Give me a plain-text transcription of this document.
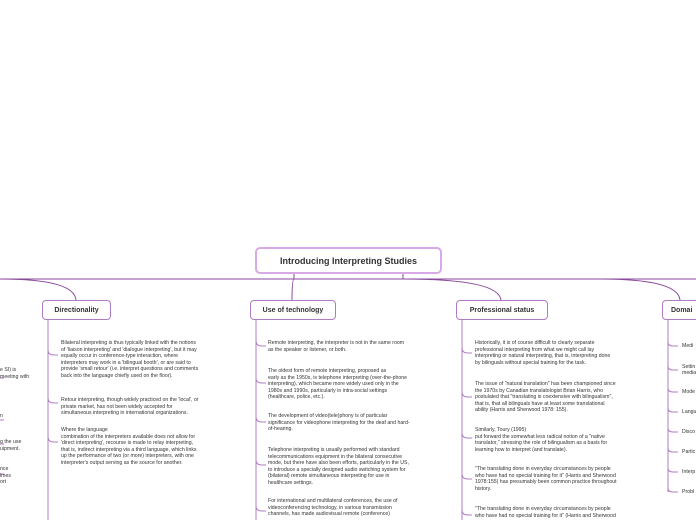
Introducing Interpreting Studies
Directionality	Use of technology	Professional status	Domai
Bilateral interpreting is thus typically linked with the notions
of 'liaison interpreting' and 'dialogue interpreting', but it may
equally occur in conference-type interaction, where
interpreters may work in a 'bilingual booth', or are said to
provide 'small retour' (i.e. interpret questions and comments
back into the language chiefly used on the floor).
Retour interpreting, though widely practiced on the 'local', or
private market, has not been widely accepted for
simultaneous interpreting in international organizations.
Where the language
combination of the interpreters available does not allow for
'direct interpreting', recourse is made to relay interpreting,
that is, indirect interpreting via a third language, which links
up the performance of two (or more) interpreters, with one
interpreter's output serving as the source for another.
Remote interpreting, the interpreter is not in the same room
as the speaker or listener, or both.
The oldest form of remote interpreting, proposed as
early as the 1950s, is telephone interpreting (over-the-phone
interpreting), which became more widely used only in the
1980s and 1990s, particularly in intra-social settings
(healthcare, police, etc.).
The development of video(tele)phony is of particular
significance for videophone interpreting for the deaf and hard-
of-hearing.
Telephone interpreting is usually performed with standard
telecommunications equipment in the bilateral consecutive
mode, but there have also been efforts, particularly in the US,
to introduce a specially designed audio switching system for
(bilateral) remote simultaneous interpreting for use in
healthcare settings.
For international and multilateral conferences, the use of
videoconferencing technology, in various transmission
channels, has made audiovisual remote (conference)
Historically, it is of course difficult to clearly separate
professional interpreting from what we might call lay
interpreting or natural interpreting, that is, interpreting done
by bilinguals without special training for the task.
The issue of "natural translation" has been championed since
the 1970s by Canadian translatologist Brian Harris, who
postulated that "translating is coextensive with bilingualism",
that is, that all bilinguals have at least some translational
ability (Harris and Sherwood 1978: 155).
Similarly, Toury (1995)
put forward the somewhat less radical notion of a "native
translator," stressing the role of bilingualism as a basis for
learning how to interpret (and translate).
"The translating done in everyday circumstances by people
who have had no special training for it" (Harris and Sherwood
1978:155) has presumably been common practice throughout
history.
"The translating done in everyday circumstances by people
who have had no special training for it" (Harris and Sherwood
Medi
Settin
media
Mode
Langu
Disco
Partic
Interp
Probl
e SI) is
meeting with
n
g the use
uipment.
nce
imes
ort
